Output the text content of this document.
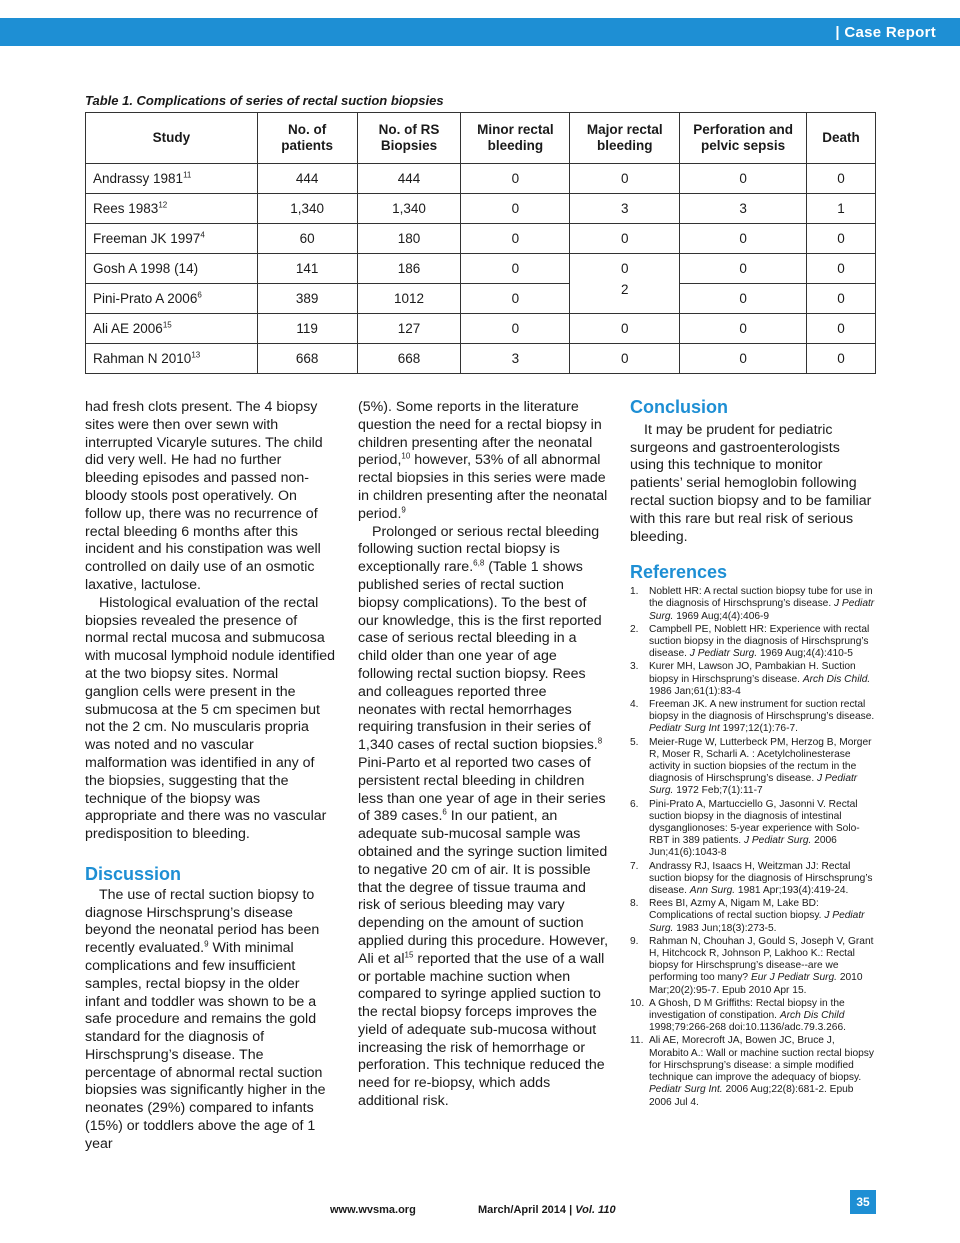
| Case Report
Table 1. Complications of series of rectal suction biopsies
Study	No. of patients	No. of RS Biopsies	Minor rectal bleeding	Major rectal bleeding	Perforation and pelvic sepsis	Death
Andrassy 1981$^{11}$	444	444	0	0	0	0
Rees 1983$^{12}$	1,340	1,340	0	3	3	1
Freeman JK 1997$^4$	60	180	0	0	0	0
Gosh A 1998 (14)	141	186	0	0	0	0
Pini-Prato A 2006$^6$	389	1012	0	2	0	0
Ali AE 2006$^{15}$	119	127	0	0	0	0
Rahman N 2010$^{13}$	668	668	3	0	0	0

had fresh clots present. The 4 biopsy sites were then over sewn with interrupted Vicaryle sutures. The child did very well. He had no further bleeding episodes and passed non-bloody stools post operatively. On follow up, there was no recurrence of rectal bleeding 6 months after this incident and his constipation was well controlled on daily use of an osmotic laxative, lactulose.

Histological evaluation of the rectal biopsies revealed the presence of normal rectal mucosa and submucosa with mucosal lymphoid nodule identified at the two biopsy sites. Normal ganglion cells were present in the submucosa at the 5 cm specimen but not the 2 cm. No muscularis propria was noted and no vascular malformation was identified in any of the biopsies, suggesting that the technique of the biopsy was appropriate and there was no vascular predisposition to bleeding.

Discussion

The use of rectal suction biopsy to diagnose Hirschsprung’s disease beyond the neonatal period has been recently evaluated.$^9$ With minimal complications and few insufficient samples, rectal biopsy in the older infant and toddler was shown to be a safe procedure and remains the gold standard for the diagnosis of Hirschsprung’s disease. The percentage of abnormal rectal suction biopsies was significantly higher in the neonates (29%) compared to infants (15%) or toddlers above the age of 1 year

(5%). Some reports in the literature question the need for a rectal biopsy in children presenting after the neonatal period,$^{10}$ however, 53% of all abnormal rectal biopsies in this series were made in children presenting after the neonatal period.$^9$

Prolonged or serious rectal bleeding following suction rectal biopsy is exceptionally rare.$^{6,8}$ (Table 1 shows published series of rectal suction biopsy complications). To the best of our knowledge, this is the first reported case of serious rectal bleeding in a child older than one year of age following rectal suction biopsy. Rees and colleagues reported three neonates with rectal hemorrhages requiring transfusion in their series of 1,340 cases of rectal suction biopsies.$^8$ Pini-Parto et al reported two cases of persistent rectal bleeding in children less than one year of age in their series of 389 cases.$^6$ In our patient, an adequate sub-mucosal sample was obtained and the syringe suction limited to negative 20 cm of air. It is possible that the degree of tissue trauma and risk of serious bleeding may vary depending on the amount of suction applied during this procedure. However, Ali et $al^{15}$ reported that the use of a wall or portable machine suction when compared to syringe applied suction to the rectal biopsy forceps improves the yield of adequate sub-mucosa without increasing the risk of hemorrhage or perforation. This technique reduced the need for re-biopsy, which adds additional risk.

Conclusion

It may be prudent for pediatric surgeons and gastroenterologists using this technique to monitor patients’ serial hemoglobin following rectal suction biopsy and to be familiar with this rare but real risk of serious bleeding.

References
1. Noblett HR: A rectal suction biopsy tube for use in the diagnosis of Hirschsprung’s disease. J Pediatr Surg. 1969 Aug;4(4):406-9
2. Campbell PE, Noblett HR: Experience with rectal suction biopsy in the diagnosis of Hirschsprung’s disease. J Pediatr Surg. 1969 Aug;4(4):410-5
3. Kurer MH, Lawson JO, Pambakian H. Suction biopsy in Hirschsprung’s disease. Arch Dis Child. 1986 Jan;61(1):83-4
4. Freeman JK. A new instrument for suction rectal biopsy in the diagnosis of Hirschsprung’s disease. Pediatr Surg Int 1997;12(1):76-7.
5. Meier-Ruge W, Lutterbeck PM, Herzog B, Morger R, Moser R, Scharli A. : Acetylcholinesterase activity in suction biopsies of the rectum in the diagnosis of Hirschsprung’s disease. J Pediatr Surg. 1972 Feb;7(1):11-7
6. Pini-Prato A, Martucciello G, Jasonni V. Rectal suction biopsy in the diagnosis of intestinal dysganglionoses: 5-year experience with Solo-RBT in 389 patients. J Pediatr Surg. 2006 Jun;41(6):1043-8
7. Andrassy RJ, Isaacs H, Weitzman JJ: Rectal suction biopsy for the diagnosis of Hirschsprung’s disease. Ann Surg. 1981 Apr;193(4):419-24.
8. Rees BI, Azmy A, Nigam M, Lake BD: Complications of rectal suction biopsy. J Pediatr Surg. 1983 Jun;18(3):273-5.
9. Rahman N, Chouhan J, Gould S, Joseph V, Grant H, Hitchcock R, Johnson P, Lakhoo K.: Rectal biopsy for Hirschsprung’s disease--are we performing too many? Eur J Pediatr Surg. 2010 Mar;20(2):95-7. Epub 2010 Apr 15.
10. A Ghosh, D M Griffiths: Rectal biopsy in the investigation of constipation. Arch Dis Child 1998;79:266-268 doi:10.1136/adc.79.3.266.
11. Ali AE, Morecroft JA, Bowen JC, Bruce J, Morabito A.: Wall or machine suction rectal biopsy for Hirschsprung’s disease: a simple modified technique can improve the adequacy of biopsy. Pediatr Surg Int. 2006 Aug;22(8):681-2. Epub 2006 Jul 4.
www.wvsma.org	March/April 2014 | Vol. 110
35
